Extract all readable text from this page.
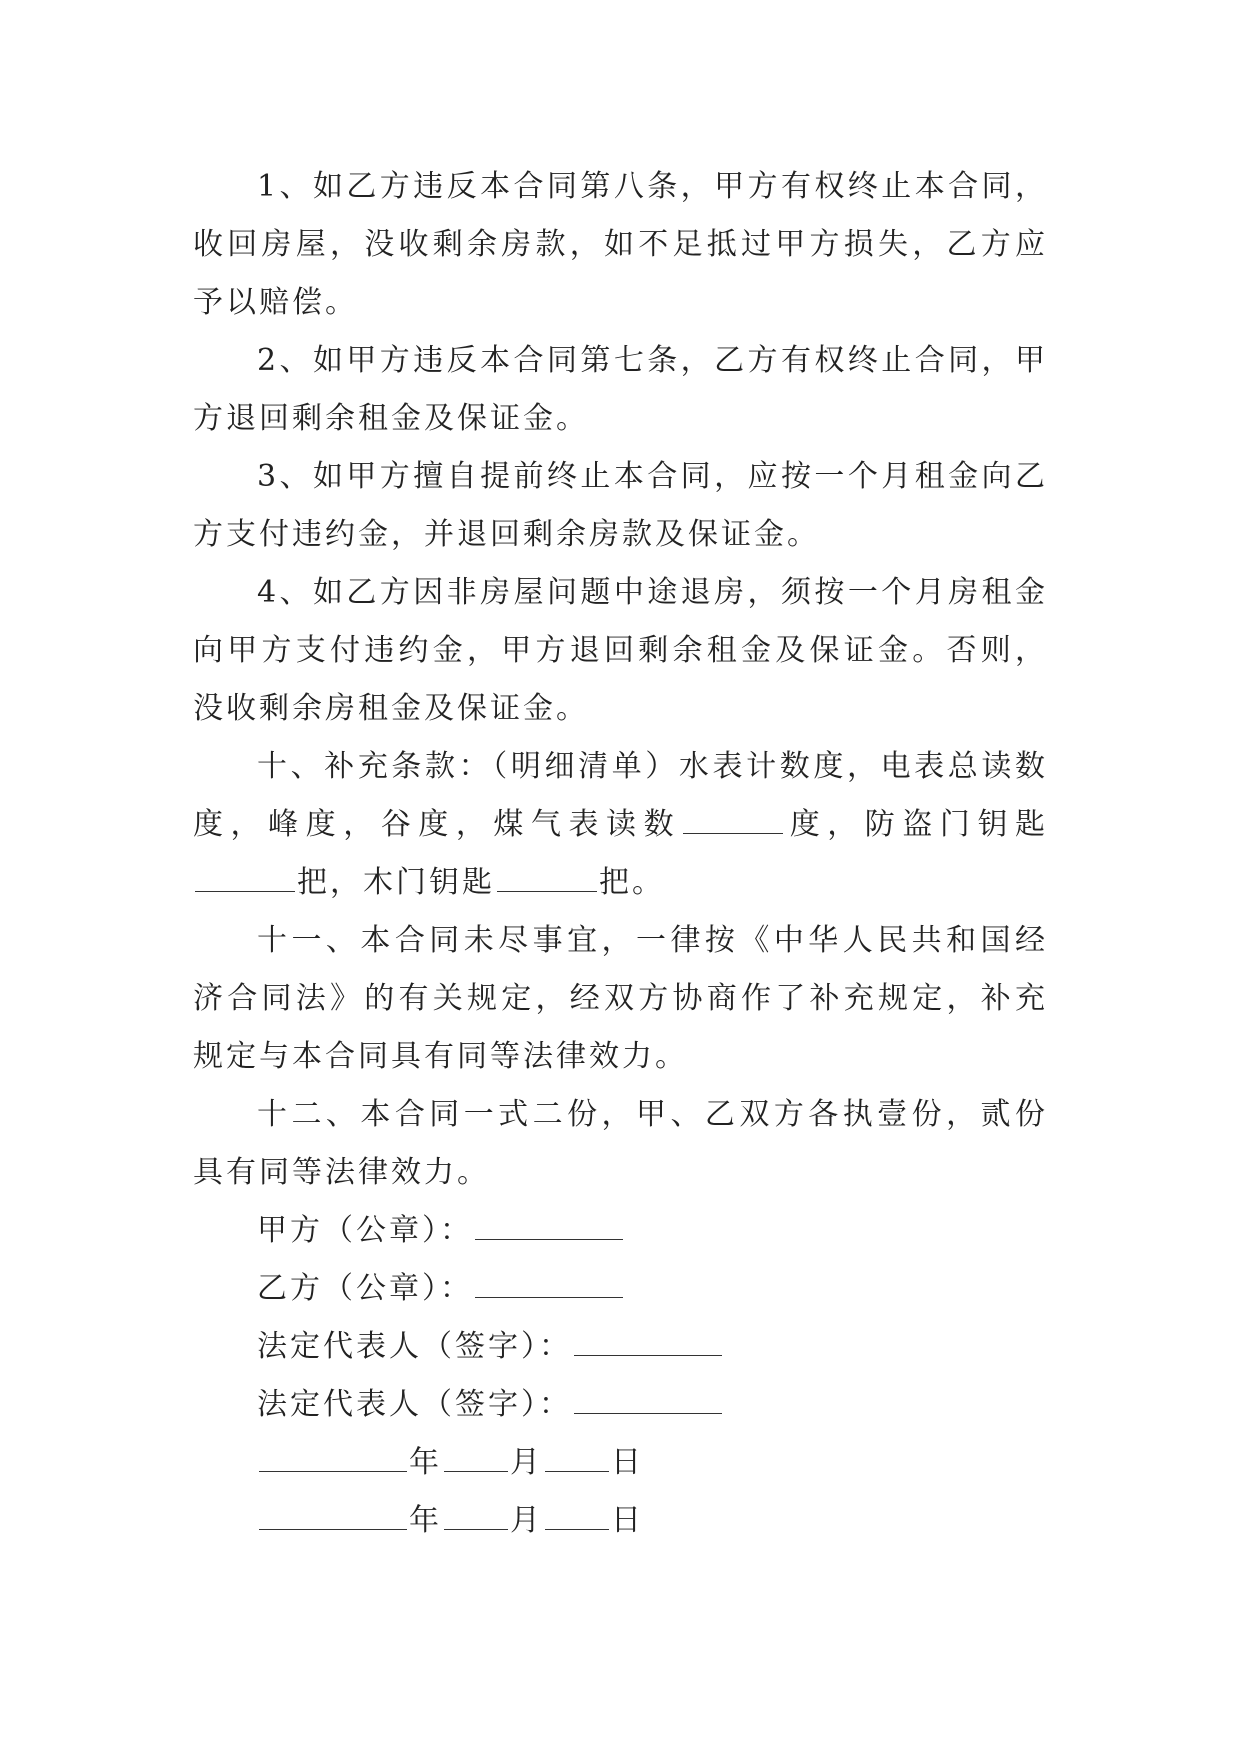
1、如乙方违反本合同第八条，甲方有权终止本合同，收回房屋，没收剩余房款，如不足抵过甲方损失，乙方应予以赔偿。

2、如甲方违反本合同第七条，乙方有权终止合同，甲方退回剩余租金及保证金。

3、如甲方擅自提前终止本合同，应按一个月租金向乙方支付违约金，并退回剩余房款及保证金。

4、如乙方因非房屋问题中途退房，须按一个月房租金向甲方支付违约金，甲方退回剩余租金及保证金。否则，没收剩余房租金及保证金。

十、补充条款：（明细清单）水表计数度，电表总读数度，峰度，谷度，煤气表读数	度，防盗门钥匙把，木门钥匙	把。

十一、本合同未尽事宜，一律按《中华人民共和国经济合同法》的有关规定，经双方协商作了补充规定，补充规定与本合同具有同等法律效力。

十二、本合同一式二份，甲、乙双方各执壹份，贰份具有同等法律效力。

甲方（公章）：
乙方（公章）：
法定代表人（签字）：
法定代表人（签字）：
年 月 日
年 月 日
